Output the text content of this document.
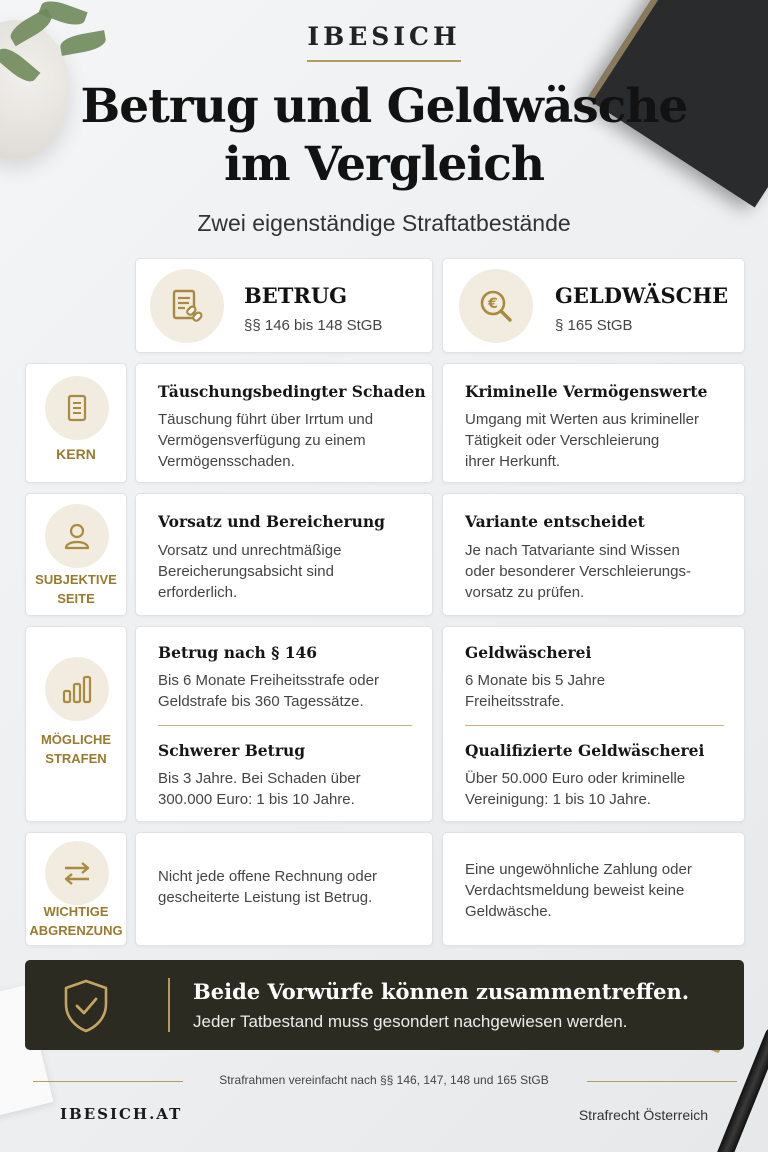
IBESICH
Betrug und Geldwäsche
im Vergleich
Zwei eigenständige Straftatbestände
BETRUG
§§ 146 bis 148 StGB
€	GELDWÄSCHE
§ 165 StGB
KERN
Täuschungsbedingter Schaden
Täuschung führt über Irrtum und
Vermögensverfügung zu einem
Vermögensschaden.
Kriminelle Vermögenswerte
Umgang mit Werten aus krimineller
Tätigkeit oder Verschleierung
ihrer Herkunft.
SUBJEKTIVE
SEITE
Vorsatz und Bereicherung
Vorsatz und unrechtmäßige
Bereicherungsabsicht sind
erforderlich.
Variante entscheidet
Je nach Tatvariante sind Wissen
oder besonderer Verschleierungs-
vorsatz zu prüfen.
MÖGLICHE
STRAFEN
Betrug nach § 146
Bis 6 Monate Freiheitsstrafe oder
Geldstrafe bis 360 Tagessätze.
Schwerer Betrug
Bis 3 Jahre. Bei Schaden über
300.000 Euro: 1 bis 10 Jahre.
Geldwäscherei
6 Monate bis 5 Jahre
Freiheitsstrafe.
Qualifizierte Geldwäscherei
Über 50.000 Euro oder kriminelle
Vereinigung: 1 bis 10 Jahre.
WICHTIGE
ABGRENZUNG
Nicht jede offene Rechnung oder
gescheiterte Leistung ist Betrug.
Eine ungewöhnliche Zahlung oder
Verdachtsmeldung beweist keine
Geldwäsche.
Beide Vorwürfe können zusammentreffen.
Jeder Tatbestand muss gesondert nachgewiesen werden.
Strafrahmen vereinfacht nach §§ 146, 147, 148 und 165 StGB
IBESICH.AT	Strafrecht Österreich
